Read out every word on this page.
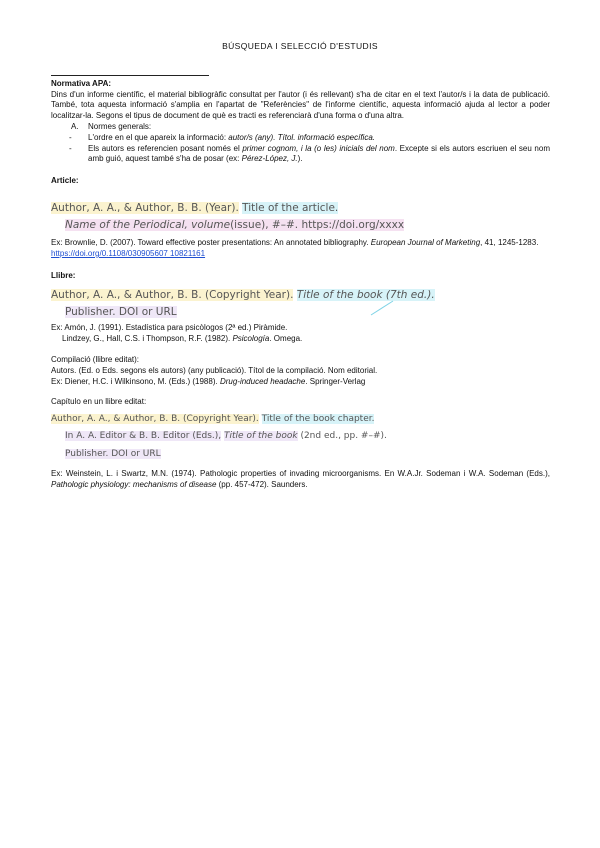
BÚSQUEDA I SELECCIÓ D'ESTUDIS

Normativa APA:

Dins d'un informe científic, el material bibliogràfic consultat per l'autor (i és rellevant) s'ha de citar en el text l'autor/s i la data de publicació. També, tota aquesta informació s'amplia en l'apartat de "Referències" de l'informe científic, aquesta informació ajuda al lector a poder localitzar-la. Segons el tipus de document de què es tracti es referenciarà d'una forma o d'una altra.

A. Normes generals:
- L'ordre en el que apareix la informació: autor/s (any). Títol. informació específica.
- Els autors es referencien posant només el primer cognom, i la (o les) inicials del nom. Excepte si els autors escriuen el seu nom amb guió, aquest també s'ha de posar (ex: Pérez-López, J.).

Article:

Author, A. A., & Author, B. B. (Year). Title of the article.
Name of the Periodical, volume(issue), #–#. https://doi.org/xxxx

Ex: Brownlie, D. (2007). Toward effective poster presentations: An annotated bibliography. European Journal of Marketing, 41, 1245-1283. https://doi.org/0.1108/030905607 10821161

Llibre:

Author, A. A., & Author, B. B. (Copyright Year). Title of the book (7th ed.).
Publisher. DOI or URL

Ex: Amón, J. (1991). Estadística para psicòlogos (2ª ed.) Piràmide.

Lindzey, G., Hall, C.S. i Thompson, R.F. (1982). Psicología. Omega.

Compilació (llibre editat):

Autors. (Ed. o Eds. segons els autors) (any publicació). Títol de la compilació. Nom editorial.

Ex: Diener, H.C. i Wilkinsono, M. (Eds.) (1988). Drug-induced headache. Springer-Verlag

Capítulo en un llibre editat:

Author, A. A., & Author, B. B. (Copyright Year). Title of the book chapter.
In A. A. Editor & B. B. Editor (Eds.), Title of the book (2nd ed., pp. #–#).
Publisher. DOI or URL

Ex: Weinstein, L. i Swartz, M.N. (1974). Pathologic properties of invading microorganisms. En W.A.Jr. Sodeman i W.A. Sodeman (Eds.), Pathologic physiology: mechanisms of disease (pp. 457-472). Saunders.
